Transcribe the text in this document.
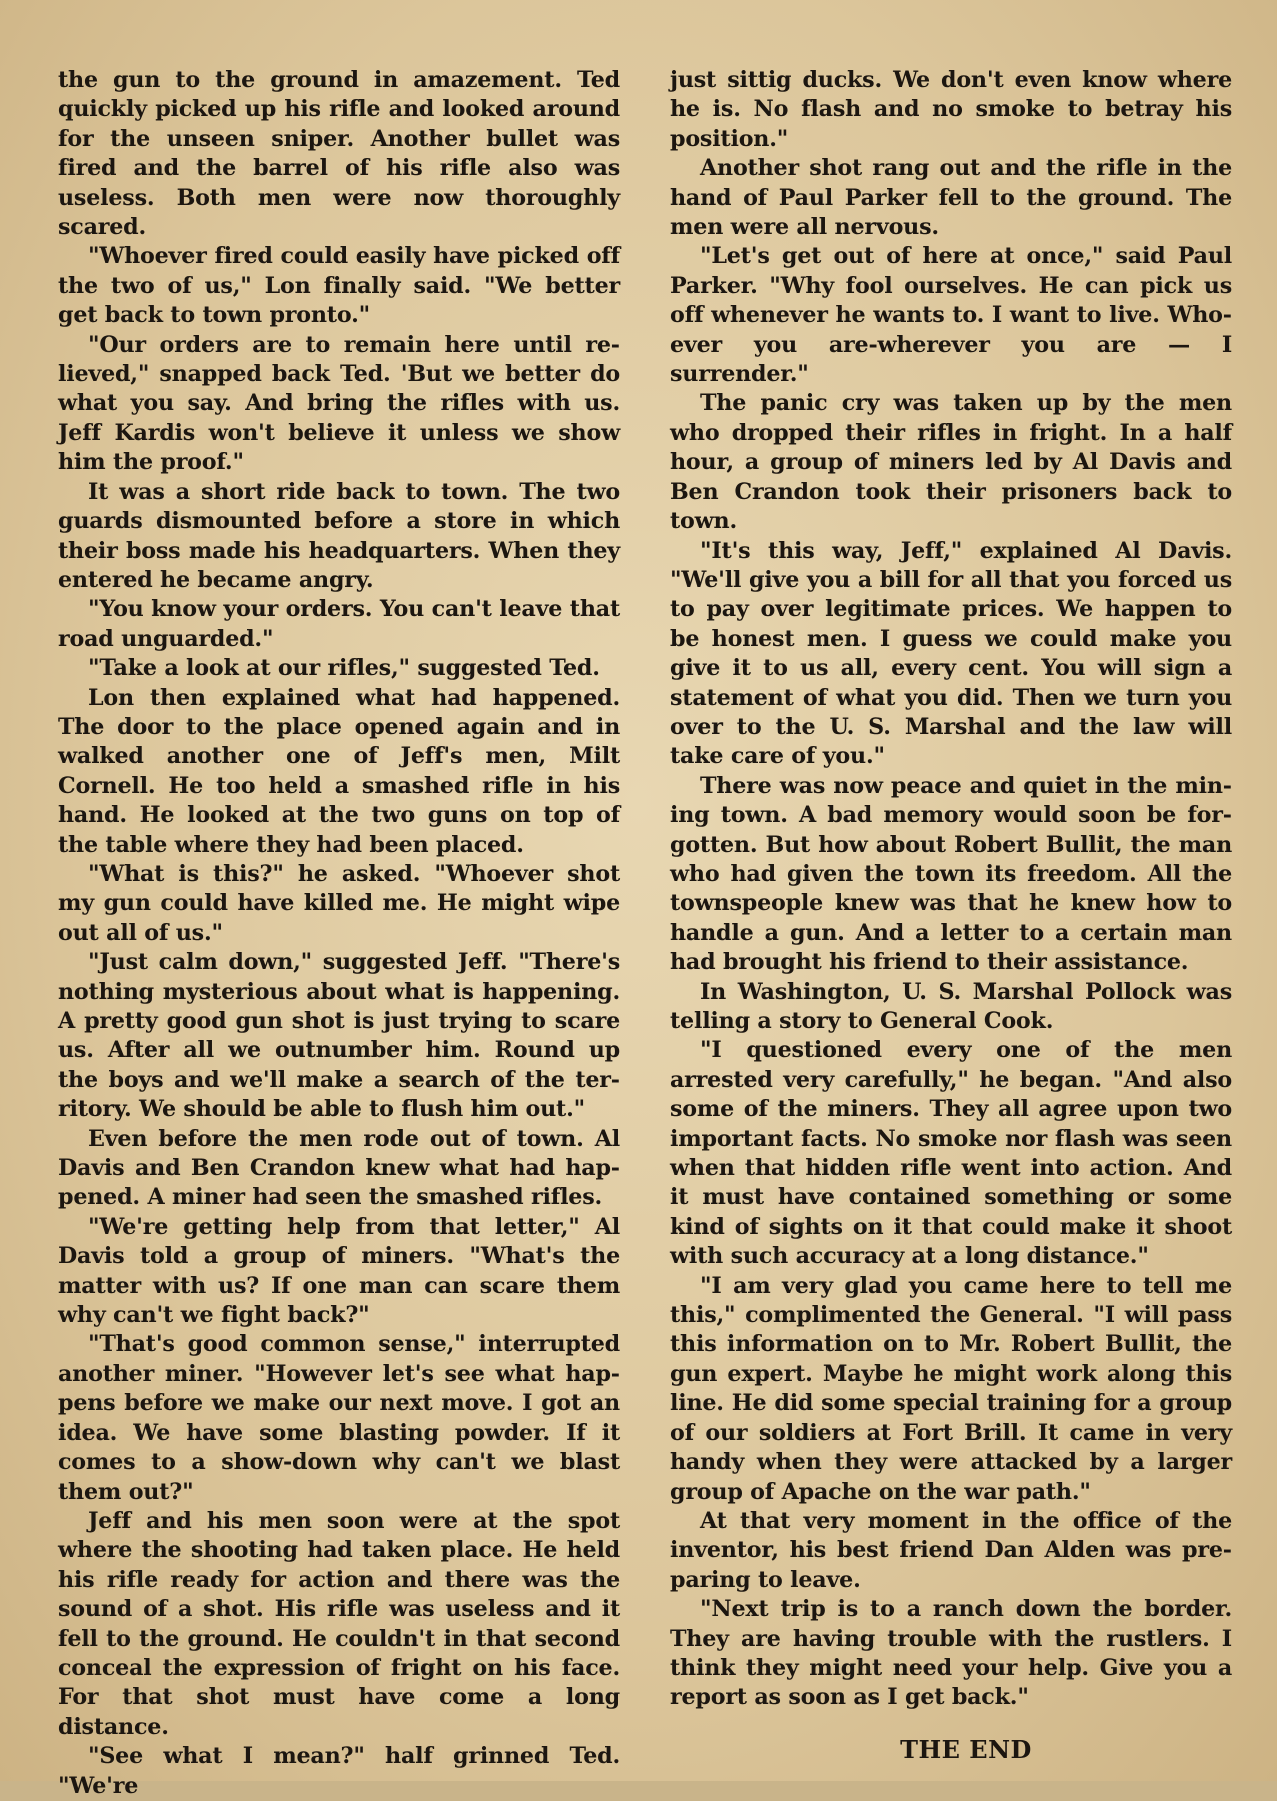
the gun to the ground in amazement. Ted quickly picked up his rifle and looked around for the unseen sniper. Another bullet was fired and the barrel of his rifle also was useless. Both men were now thoroughly scared.

"Whoever fired could easily have picked off the two of us," Lon finally said. "We better get back to town pronto."

"Our orders are to remain here until relieved," snapped back Ted. 'But we better do what you say. And bring the rifles with us. Jeff Kardis won't believe it unless we show him the proof."

It was a short ride back to town. The two guards dismounted before a store in which their boss made his headquarters. When they entered he became angry.

"You know your orders. You can't leave that road unguarded."

"Take a look at our rifles," suggested Ted.

Lon then explained what had happened. The door to the place opened again and in walked another one of Jeff's men, Milt Cornell. He too held a smashed rifle in his hand. He looked at the two guns on top of the table where they had been placed.

"What is this?" he asked. "Whoever shot my gun could have killed me. He might wipe out all of us."

"Just calm down," suggested Jeff. "There's nothing mysterious about what is happening. A pretty good gun shot is just trying to scare us. After all we outnumber him. Round up the boys and we'll make a search of the territory. We should be able to flush him out."

Even before the men rode out of town. Al Davis and Ben Crandon knew what had happened. A miner had seen the smashed rifles.

"We're getting help from that letter," Al Davis told a group of miners. "What's the matter with us? If one man can scare them why can't we fight back?"

"That's good common sense," interrupted another miner. "However let's see what happens before we make our next move. I got an idea. We have some blasting powder. If it comes to a show-down why can't we blast them out?"

Jeff and his men soon were at the spot where the shooting had taken place. He held his rifle ready for action and there was the sound of a shot. His rifle was useless and it fell to the ground. He couldn't in that second conceal the expression of fright on his face. For that shot must have come a long distance.

"See what I mean?" half grinned Ted. "We're

just sittig ducks. We don't even know where he is. No flash and no smoke to betray his position."

Another shot rang out and the rifle in the hand of Paul Parker fell to the ground. The men were all nervous.

"Let's get out of here at once," said Paul Parker. "Why fool ourselves. He can pick us off whenever he wants to. I want to live. Whoever you are-wherever you are — I surrender."

The panic cry was taken up by the men who dropped their rifles in fright. In a half hour, a group of miners led by Al Davis and Ben Crandon took their prisoners back to town.

"It's this way, Jeff," explained Al Davis. "We'll give you a bill for all that you forced us to pay over legitimate prices. We happen to be honest men. I guess we could make you give it to us all, every cent. You will sign a statement of what you did. Then we turn you over to the U. S. Marshal and the law will take care of you."

There was now peace and quiet in the mining town. A bad memory would soon be forgotten. But how about Robert Bullit, the man who had given the town its freedom. All the townspeople knew was that he knew how to handle a gun. And a letter to a certain man had brought his friend to their assistance.

In Washington, U. S. Marshal Pollock was telling a story to General Cook.

"I questioned every one of the men arrested very carefully," he began. "And also some of the miners. They all agree upon two important facts. No smoke nor flash was seen when that hidden rifle went into action. And it must have contained something or some kind of sights on it that could make it shoot with such accuracy at a long distance."

"I am very glad you came here to tell me this," complimented the General. "I will pass this information on to Mr. Robert Bullit, the gun expert. Maybe he might work along this line. He did some special training for a group of our soldiers at Fort Brill. It came in very handy when they were attacked by a larger group of Apache on the war path."

At that very moment in the office of the inventor, his best friend Dan Alden was preparing to leave.

"Next trip is to a ranch down the border. They are having trouble with the rustlers. I think they might need your help. Give you a report as soon as I get back."

THE END
